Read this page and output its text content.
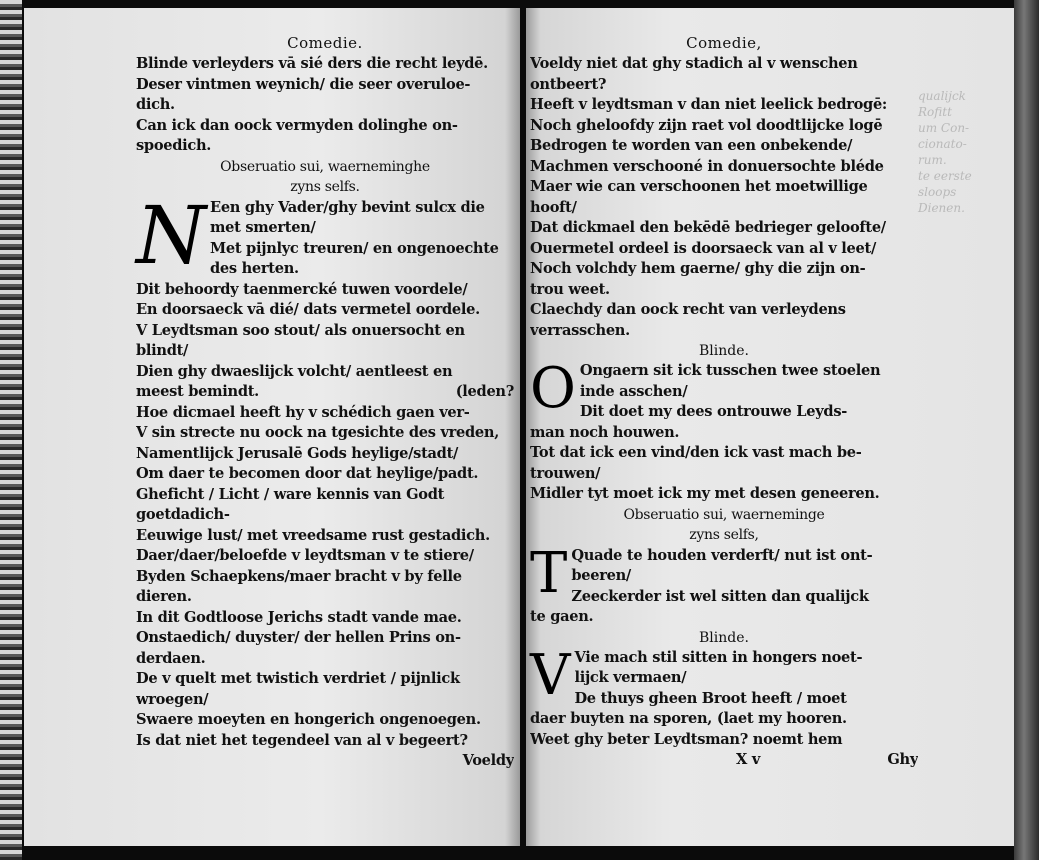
Comedie.
Blinde verleyders vā sié ders die recht leydē.
Deser vintmen weynich/ die seer overuloe-
dich.
Can ick dan oock vermyden dolinghe on-
spoedich.
Obseruatio sui, waerneminghe
zyns selfs.
N Een ghy Vader/ghy bevint sulcx die
met smerten/
Met pijnlyc treuren/ en ongenoechte
des herten.
Dit behoordy taenmercké tuwen voordele/
En doorsaeck vā dié/ dats vermetel oordele.
V Leydtsman soo stout/ als onuersocht en
blindt/
Dien ghy dwaeslijck volcht/ aentleest en
meest bemindt.	(leden?
Hoe dicmael heeft hy v schédich gaen ver-
V sin strecte nu oock na tgesichte des vreden,
Namentlijck Jerusalē Gods heylige/stadt/
Om daer te becomen door dat heylige/padt.
Gheficht / Licht / ware kennis van Godt
goetdadich-
Eeuwige lust/ met vreedsame rust gestadich.
Daer/daer/beloefde v leydtsman v te stiere/
Byden Schaepkens/maer bracht v by felle
dieren.
In dit Godtloose Jerichs stadt vande mae.
Onstaedich/ duyster/ der hellen Prins on-
derdaen.
De v quelt met twistich verdriet / pijnlick
wroegen/
Swaere moeyten en hongerich ongenoegen.
Is dat niet het tegendeel van al v begeert?
Voeldy
Comedie,
Voeldy niet dat ghy stadich al v wenschen
ontbeert?
Heeft v leydtsman v dan niet leelick bedrogē:
Noch gheloofdy zijn raet vol doodtlijcke logē
Bedrogen te worden van een onbekende/
Machmen verschooné in donuersochte bléde
Maer wie can verschoonen het moetwillige
hooft/
Dat dickmael den bekēdē bedrieger geloofte/
Ouermetel ordeel is doorsaeck van al v leet/
Noch volchdy hem gaerne/ ghy die zijn on-
trou weet.
Claechdy dan oock recht van verleydens
verrasschen.
Blinde.
O Ongaern sit ick tusschen twee stoelen
inde asschen/
Dit doet my dees ontrouwe Leyds-
man noch houwen.
Tot dat ick een vind/den ick vast mach be-
trouwen/
Midler tyt moet ick my met desen geneeren.
Obseruatio sui, waerneminge
zyns selfs,
T Quade te houden verderft/ nut ist ont-
beeren/
Zeeckerder ist wel sitten dan qualijck
te gaen.
Blinde.
V Vie mach stil sitten in hongers noet-
lijck vermaen/
De thuys gheen Broot heeft / moet
daer buyten na sporen, (laet my hooren.
Weet ghy beter Leydtsman? noemt hem
X v	Ghy
qualijck
Rofitt
um Con-
cionato-
rum.
te eerste
sloops
Dienen.
